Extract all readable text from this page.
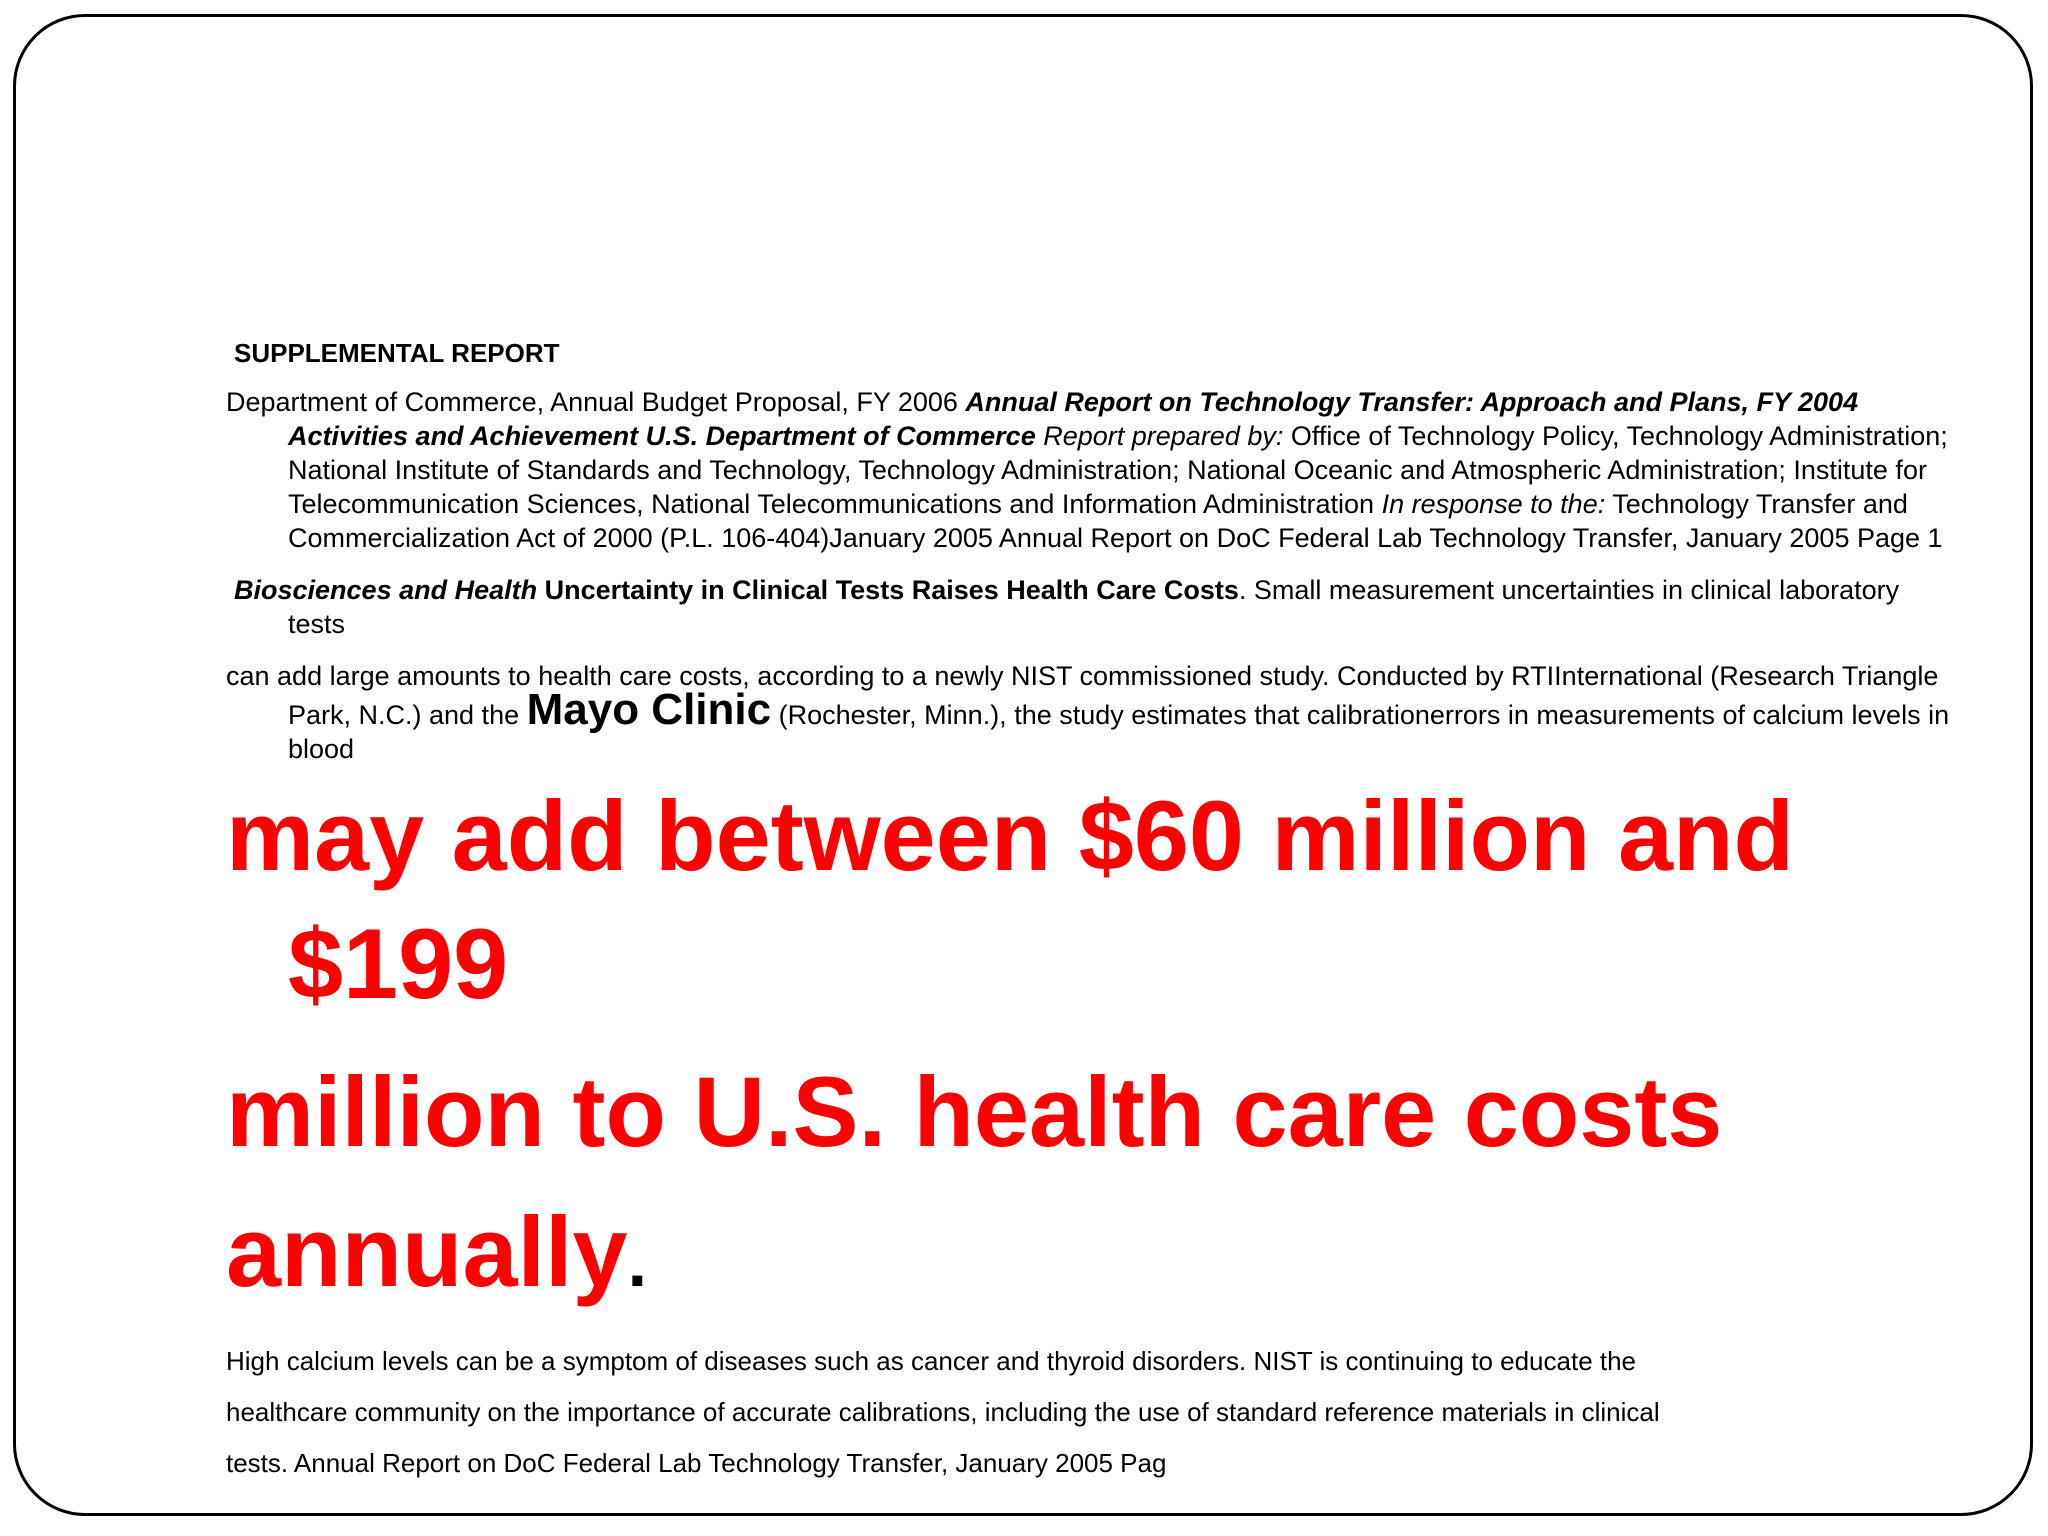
SUPPLEMENTAL REPORT
Department of Commerce, Annual Budget Proposal, FY 2006 Annual Report on Technology Transfer: Approach and Plans, FY 2004 Activities and Achievement U.S. Department of Commerce Report prepared by: Office of Technology Policy, Technology Administration; National Institute of Standards and Technology, Technology Administration; National Oceanic and Atmospheric Administration; Institute for Telecommunication Sciences, National Telecommunications and Information Administration In response to the: Technology Transfer and Commercialization Act of 2000 (P.L. 106-404)January 2005 Annual Report on DoC Federal Lab Technology Transfer, January 2005 Page 1
Biosciences and Health Uncertainty in Clinical Tests Raises Health Care Costs. Small measurement uncertainties in clinical laboratory tests
can add large amounts to health care costs, according to a newly NIST commissioned study. Conducted by RTIInternational (Research Triangle Park, N.C.) and the Mayo Clinic (Rochester, Minn.), the study estimates that calibrationerrors in measurements of calcium levels in blood
may add between $60 million and $199
million to U.S. health care costs
annually.
High calcium levels can be a symptom of diseases such as cancer and thyroid disorders. NIST is continuing to educate the
healthcare community on the importance of accurate calibrations, including the use of standard reference materials in clinical
tests. Annual Report on DoC Federal Lab Technology Transfer, January 2005 Pag
